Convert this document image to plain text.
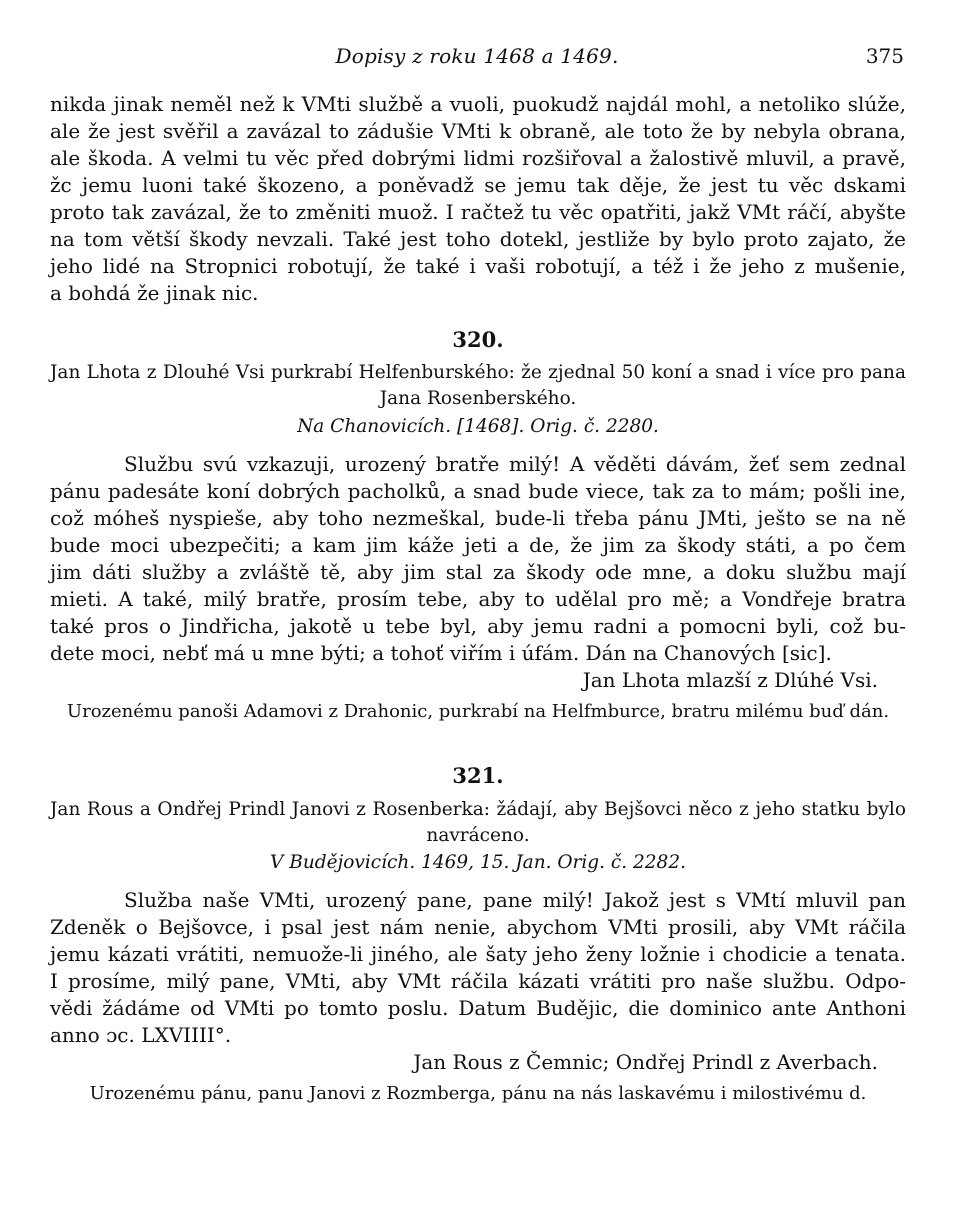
Dopisy z roku 1468 a 1469.	375
nikda jinak neměl než k VMti službě a vuoli, puokudž najdál mohl, a netoliko slúže,
ale že jest svěřil a zavázal to zádušie VMti k obraně, ale toto že by nebyla obrana,
ale škoda. A velmi tu věc před dobrými lidmi rozšiřoval a žalostivě mluvil, a pravě,
žc jemu luoni také škozeno, a poněvadž se jemu tak děje, že jest tu věc dskami
proto tak zavázal, že to změniti muož. I račtež tu věc opatřiti, jakž VMt ráčí, abyšte
na tom větší škody nevzali. Také jest toho dotekl, jestliže by bylo proto zajato, že
jeho lidé na Stropnici robotují, že také i vaši robotují, a též i že jeho z mušenie,
a bohdá že jinak nic.
320.
Jan Lhota z Dlouhé Vsi purkrabí Helfenburského: že zjednal 50 koní a snad i více pro pana
Jana Rosenberského.
Na Chanovicích. [1468]. Orig. č. 2280.
Službu svú vzkazuji, urozený bratře milý! A věděti dávám, žeť sem zednal
pánu padesáte koní dobrých pacholků, a snad bude viece, tak za to mám; pošli ine,
což móheš nyspieše, aby toho nezmeškal, bude-li třeba pánu JMti, ješto se na ně
bude moci ubezpečiti; a kam jim káže jeti a de, že jim za škody státi, a po čem
jim dáti služby a zvláště tě, aby jim stal za škody ode mne, a doku službu mají
mieti. A také, milý bratře, prosím tebe, aby to udělal pro mě; a Vondřeje bratra
také pros o Jindřicha, jakotě u tebe byl, aby jemu radni a pomocni byli, což bu-
dete moci, nebť má u mne býti; a tohoť viřím i úfám. Dán na Chanových [sic].
Jan Lhota mlazší z Dlúhé Vsi.
Urozenému panoši Adamovi z Drahonic, purkrabí na Helfmburce, bratru milému buď dán.
321.
Jan Rous a Ondřej Prindl Janovi z Rosenberka: žádají, aby Bejšovci něco z jeho statku bylo
navráceno.
V Budějovicích. 1469, 15. Jan. Orig. č. 2282.
Služba naše VMti, urozený pane, pane milý! Jakož jest s VMtí mluvil pan
Zdeněk o Bejšovce, i psal jest nám nenie, abychom VMti prosili, aby VMt ráčila
jemu kázati vrátiti, nemuože-li jiného, ale šaty jeho ženy ložnie i chodicie a tenata.
I prosíme, milý pane, VMti, aby VMt ráčila kázati vrátiti pro naše službu. Odpo-
vědi žádáme od VMti po tomto poslu. Datum Budějic, die dominico ante Anthoni
anno ɔc. LXVIIII°.
Jan Rous z Čemnic; Ondřej Prindl z Averbach.
Urozenému pánu, panu Janovi z Rozmberga, pánu na nás laskavému i milostivému d.
